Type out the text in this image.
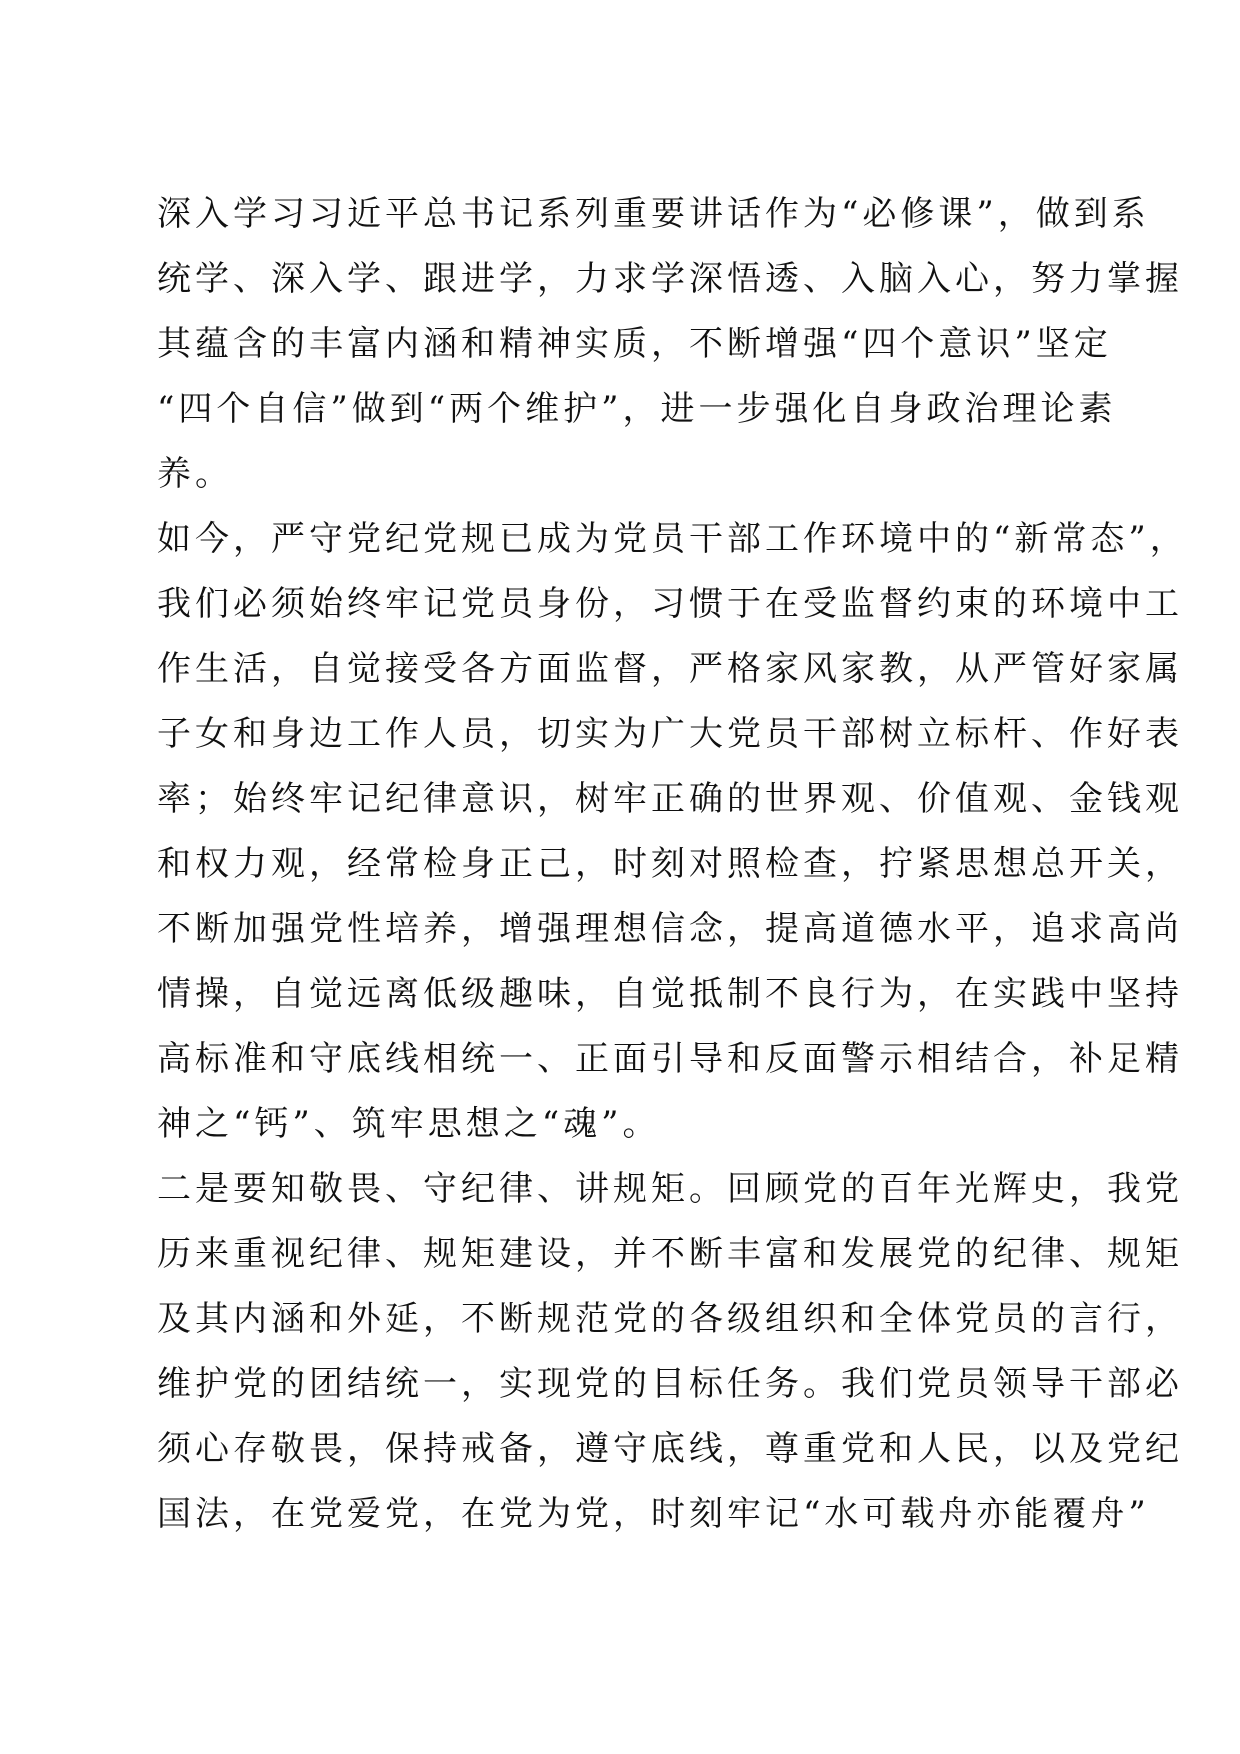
深入学习习近平总书记系列重要讲话作为“必修课”，做到系
统学、深入学、跟进学，力求学深悟透、入脑入心，努力掌握
其蕴含的丰富内涵和精神实质，不断增强“四个意识”坚定
“四个自信”做到“两个维护”，进一步强化自身政治理论素
养。
如今，严守党纪党规已成为党员干部工作环境中的“新常态”，
我们必须始终牢记党员身份，习惯于在受监督约束的环境中工
作生活，自觉接受各方面监督，严格家风家教，从严管好家属
子女和身边工作人员，切实为广大党员干部树立标杆、作好表
率；始终牢记纪律意识，树牢正确的世界观、价值观、金钱观
和权力观，经常检身正己，时刻对照检查，拧紧思想总开关，
不断加强党性培养，增强理想信念，提高道德水平，追求高尚
情操，自觉远离低级趣味，自觉抵制不良行为，在实践中坚持
高标准和守底线相统一、正面引导和反面警示相结合，补足精
神之“钙”、筑牢思想之“魂”。
二是要知敬畏、守纪律、讲规矩。回顾党的百年光辉史，我党
历来重视纪律、规矩建设，并不断丰富和发展党的纪律、规矩
及其内涵和外延，不断规范党的各级组织和全体党员的言行，
维护党的团结统一，实现党的目标任务。我们党员领导干部必
须心存敬畏，保持戒备，遵守底线，尊重党和人民，以及党纪
国法，在党爱党，在党为党，时刻牢记“水可载舟亦能覆舟”
